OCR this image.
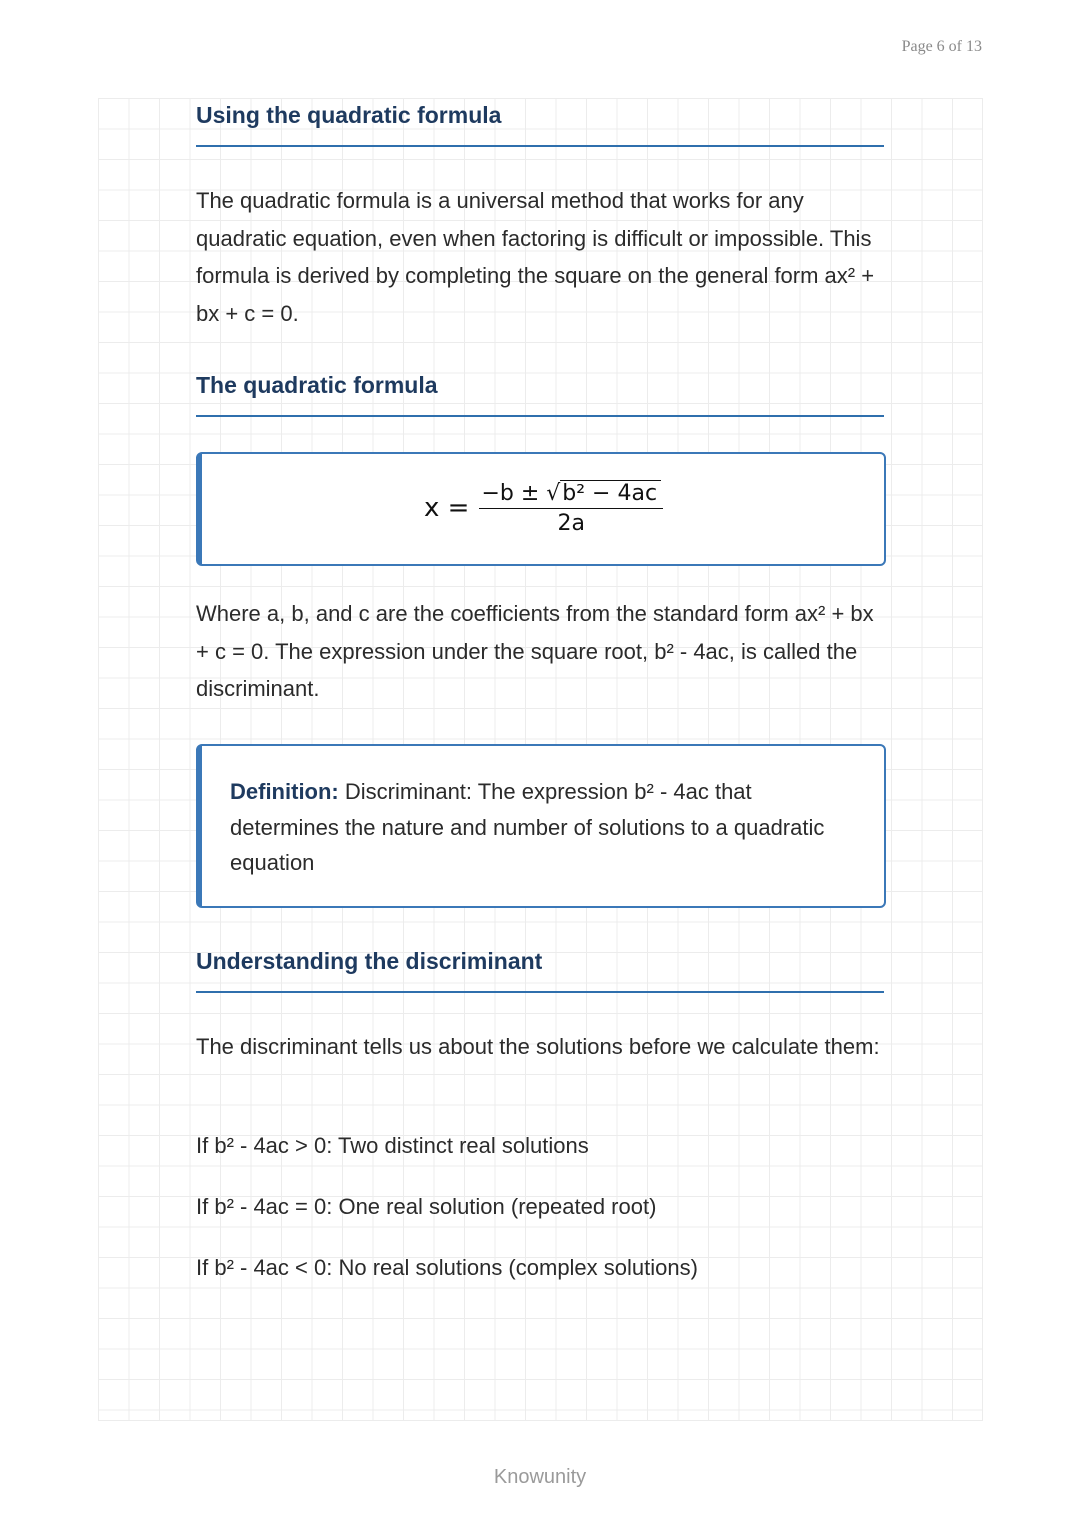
Page 6 of 13
Using the quadratic formula
The quadratic formula is a universal method that works for any quadratic equation, even when factoring is difficult or impossible. This formula is derived by completing the square on the general form ax² + bx + c = 0.
The quadratic formula
$x = \frac{\text{−b ± √b² − 4ac}}{2a}$
Where a, b, and c are the coefficients from the standard form ax² + bx + c = 0. The expression under the square root, b² - 4ac, is called the discriminant.
Definition: Discriminant: The expression b² - 4ac that determines the nature and number of solutions to a quadratic equation
Understanding the discriminant
The discriminant tells us about the solutions before we calculate them:
If b² - 4ac > 0: Two distinct real solutions
If b² - 4ac = 0: One real solution (repeated root)
If b² - 4ac < 0: No real solutions (complex solutions)
Knowunity
